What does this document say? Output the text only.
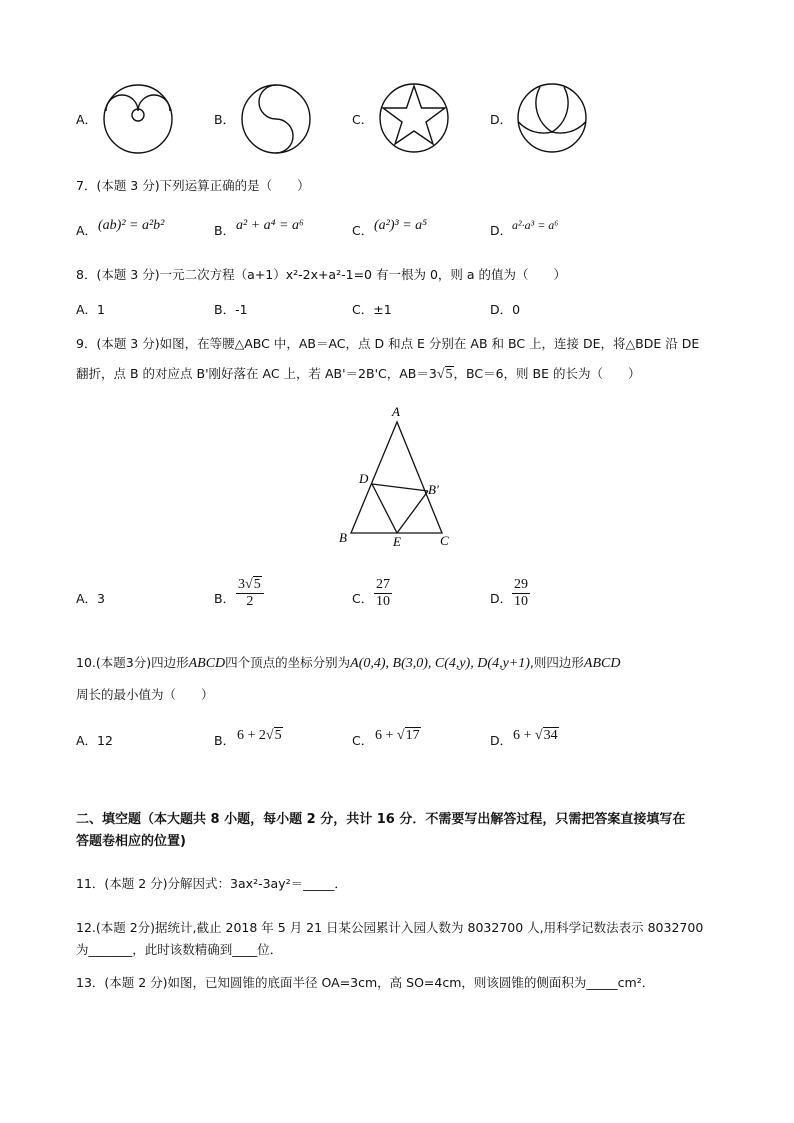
A．	B．	C．	D．
7．(本题 3 分)下列运算正确的是（　　）
A． (ab)² = a²b²	B． a² + a⁴ = a⁶	C． (a²)³ = a⁵	D． a²·a³ = a⁶
8．(本题 3 分)一元二次方程（a+1）x²-2x+a²-1=0 有一根为 0，则 a 的值为（　　）
A．1	B．-1	C．±1	D．0
9．(本题 3 分)如图，在等腰△ABC 中，AB＝AC，点 D 和点 E 分别在 AB 和 BC 上，连接 DE，将△BDE 沿 DE
翻折，点 B 的对应点 B'刚好落在 AC 上，若 AB'＝2B'C，AB＝3√5，BC＝6，则 BE 的长为（　　）
A
D
B′
B	E	C
A．3	B． $\frac{3√5}{2}$	C． $\frac{27}{10}$	D． $\frac{29}{10}$
10.(本题3分)四边形ABCD四个顶点的坐标分别为A(0,4), B(3,0), C(4,y), D(4,y+1),则四边形ABCD
周长的最小值为（　　）
A．12	B． 6 + 2√5	C． 6 + √17	D． 6 + √34
二、填空题（本大题共 8 小题，每小题 2 分，共计 16 分．不需要写出解答过程，只需把答案直接填写在
答题卷相应的位置)
11．(本题 2 分)分解因式：3ax²-3ay²＝_____．
12.(本题 2分)据统计,截止 2018 年 5 月 21 日某公园累计入园人数为 8032700 人,用科学记数法表示 8032700
为_______，此时该数精确到____位．
13．(本题 2 分)如图，已知圆锥的底面半径 OA=3cm，高 SO=4cm，则该圆锥的侧面积为_____cm²．
